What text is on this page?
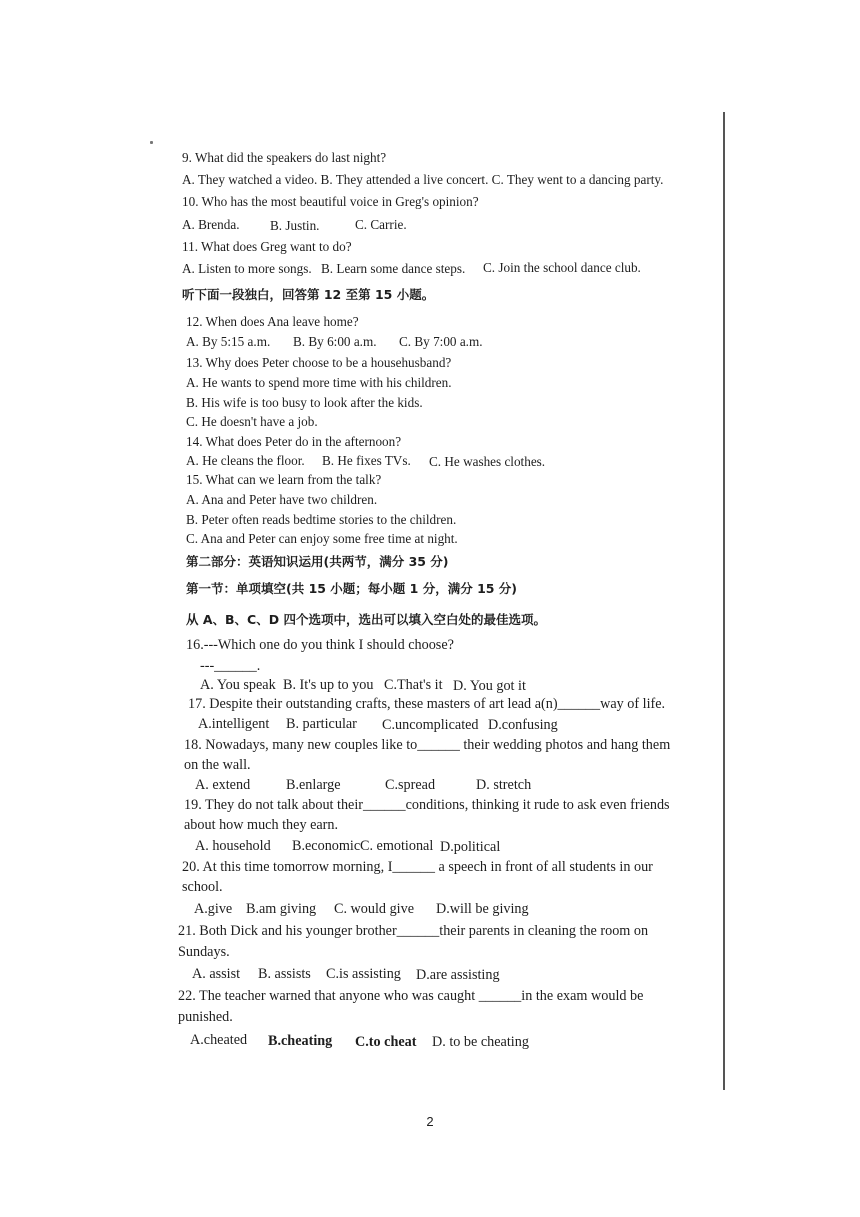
9. What did the speakers do last night?
A. They watched a video. B. They attended a live concert. C. They went to a dancing party.
10. Who has the most beautiful voice in Greg's opinion?
A. Brenda. B. Justin.	C. Carrie.
11. What does Greg want to do?
A. Listen to more songs. B. Learn some dance steps. C. Join the school dance club.
听下面一段独白，回答第 12 至第 15 小题。
12. When does Ana leave home?
A. By 5:15 a.m. B. By 6:00 a.m. C. By 7:00 a.m.
13. Why does Peter choose to be a househusband?
A. He wants to spend more time with his children.
B. His wife is too busy to look after the kids.
C. He doesn't have a job.
14. What does Peter do in the afternoon?
A. He cleans the floor. B. He fixes TVs. C. He washes clothes.
15. What can we learn from the talk?
A. Ana and Peter have two children.
B. Peter often reads bedtime stories to the children.
C. Ana and Peter can enjoy some free time at night.
第二部分：英语知识运用(共两节，满分 35 分)
第一节：单项填空(共 15 小题；每小题 1 分，满分 15 分)
从 A、B、C、D 四个选项中，选出可以填入空白处的最佳选项。
16.---Which one do you think I should choose?
---______.
A. You speak B. It's up to you C.That's it D. You got it
17. Despite their outstanding crafts, these masters of art lead a(n)______way of life.
A.intelligent B. particular C.uncomplicated D.confusing
18. Nowadays, many new couples like to______ their wedding photos and hang them
on the wall.
A. extend	B.enlarge	C.spread	D. stretch
19. They do not talk about their______conditions, thinking it rude to ask even friends
about how much they earn.
A. household B.economic C. emotional D.political
20. At this time tomorrow morning, I______ a speech in front of all students in our
school.
A.give B.am giving C. would give D.will be giving
21. Both Dick and his younger brother______their parents in cleaning the room on
Sundays.
A. assist B. assists C.is assisting D.are assisting
22. The teacher warned that anyone who was caught ______in the exam would be
punished.
A.cheated B.cheating C.to cheat D. to be cheating
2
